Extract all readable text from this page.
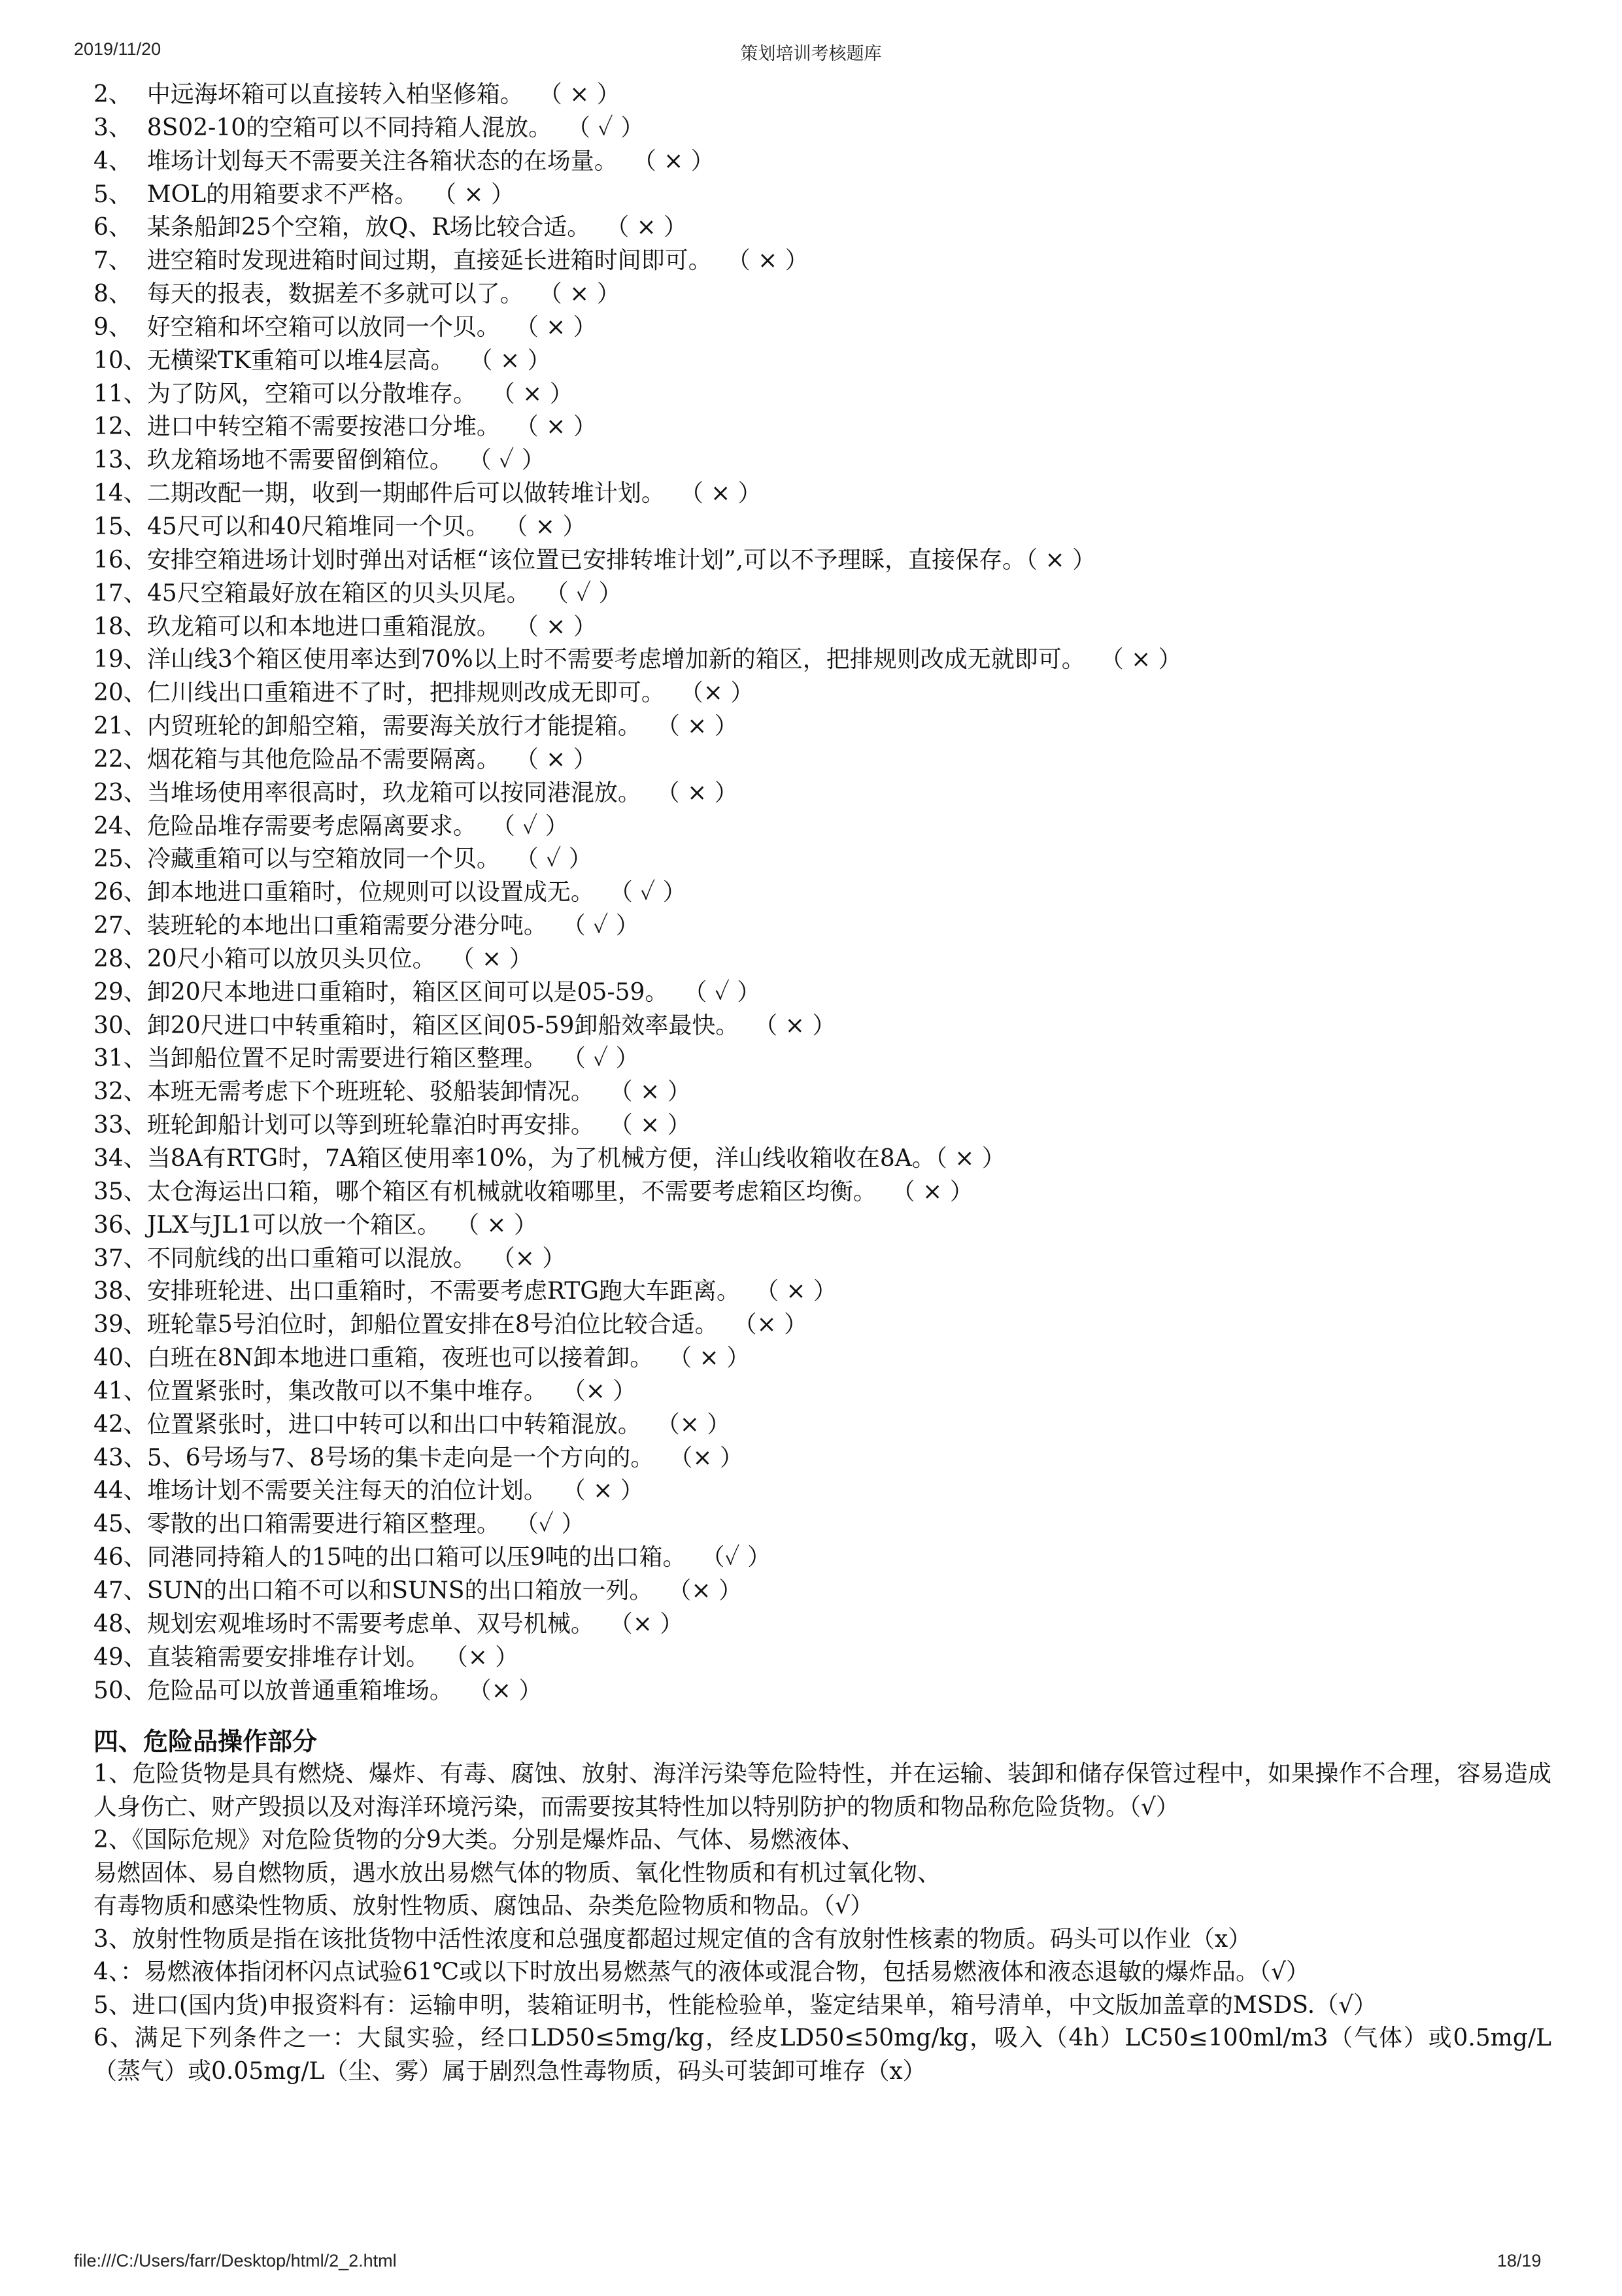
2019/11/20	策划培训考核题库
2、  中远海坏箱可以直接转入柏坚修箱。  （ × ）
3、  8S02-10的空箱可以不同持箱人混放。  （ ✓ ）
4、  堆场计划每天不需要关注各箱状态的在场量。  （ × ）
5、  MOL的用箱要求不严格。  （ × ）
6、  某条船卸25个空箱，放Q、R场比较合适。  （ × ）
7、  进空箱时发现进箱时间过期，直接延长进箱时间即可。  （ × ）
8、  每天的报表，数据差不多就可以了。  （ × ）
9、  好空箱和坏空箱可以放同一个贝。  （ × ）
10、无横梁TK重箱可以堆4层高。  （ × ）
11、为了防风，空箱可以分散堆存。  （ × ）
12、进口中转空箱不需要按港口分堆。  （ × ）
13、玖龙箱场地不需要留倒箱位。  （ ✓ ）
14、二期改配一期，收到一期邮件后可以做转堆计划。  （ × ）
15、45尺可以和40尺箱堆同一个贝。  （ × ）
16、安排空箱进场计划时弹出对话框“该位置已安排转堆计划”,可以不予理睬，直接保存。（ × ）
17、45尺空箱最好放在箱区的贝头贝尾。  （ ✓ ）
18、玖龙箱可以和本地进口重箱混放。  （ × ）
19、洋山线3个箱区使用率达到70%以上时不需要考虑增加新的箱区，把排规则改成无就即可。  （ × ）
20、仁川线出口重箱进不了时，把排规则改成无即可。  （× ）
21、内贸班轮的卸船空箱，需要海关放行才能提箱。  （ × ）
22、烟花箱与其他危险品不需要隔离。  （ × ）
23、当堆场使用率很高时，玖龙箱可以按同港混放。  （ × ）
24、危险品堆存需要考虑隔离要求。  （ ✓ ）
25、冷藏重箱可以与空箱放同一个贝。  （ ✓ ）
26、卸本地进口重箱时，位规则可以设置成无。  （ ✓ ）
27、装班轮的本地出口重箱需要分港分吨。  （ ✓ ）
28、20尺小箱可以放贝头贝位。  （ × ）
29、卸20尺本地进口重箱时，箱区区间可以是05-59。  （ ✓ ）
30、卸20尺进口中转重箱时，箱区区间05-59卸船效率最快。  （ × ）
31、当卸船位置不足时需要进行箱区整理。  （ ✓ ）
32、本班无需考虑下个班班轮、驳船装卸情况。  （ × ）
33、班轮卸船计划可以等到班轮靠泊时再安排。  （ × ）
34、当8A有RTG时，7A箱区使用率10%，为了机械方便，洋山线收箱收在8A。（ × ）
35、太仓海运出口箱，哪个箱区有机械就收箱哪里，不需要考虑箱区均衡。  （ × ）
36、JLX与JL1可以放一个箱区。  （ × ）
37、不同航线的出口重箱可以混放。  （× ）
38、安排班轮进、出口重箱时，不需要考虑RTG跑大车距离。  （ × ）
39、班轮靠5号泊位时，卸船位置安排在8号泊位比较合适。  （× ）
40、白班在8N卸本地进口重箱，夜班也可以接着卸。  （ × ）
41、位置紧张时，集改散可以不集中堆存。  （× ）
42、位置紧张时，进口中转可以和出口中转箱混放。  （× ）
43、5、6号场与7、8号场的集卡走向是一个方向的。  （× ）
44、堆场计划不需要关注每天的泊位计划。  （ × ）
45、零散的出口箱需要进行箱区整理。  （✓ ）
46、同港同持箱人的15吨的出口箱可以压9吨的出口箱。  （✓ ）
47、SUN的出口箱不可以和SUNS的出口箱放一列。  （× ）
48、规划宏观堆场时不需要考虑单、双号机械。  （× ）
49、直装箱需要安排堆存计划。  （× ）
50、危险品可以放普通重箱堆场。  （× ）
四、危险品操作部分
1、危险货物是具有燃烧、爆炸、有毒、腐蚀、放射、海洋污染等危险特性，并在运输、装卸和储存保管过程中，如果操作不合理，容易造成人身伤亡、财产毁损以及对海洋环境污染，而需要按其特性加以特别防护的物质和物品称危险货物。（√）
2、《国际危规》对危险货物的分9大类。分别是爆炸品、气体、易燃液体、
易燃固体、易自燃物质，遇水放出易燃气体的物质、氧化性物质和有机过氧化物、
有毒物质和感染性物质、放射性物质、腐蚀品、杂类危险物质和物品。（√）
3、放射性物质是指在该批货物中活性浓度和总强度都超过规定值的含有放射性核素的物质。码头可以作业（x）
4、：易燃液体指闭杯闪点试验61℃或以下时放出易燃蒸气的液体或混合物，包括易燃液体和液态退敏的爆炸品。（√）
5、进口(国内货)申报资料有：运输申明，装箱证明书，性能检验单，鉴定结果单，箱号清单，中文版加盖章的MSDS.（√）
6、满足下列条件之一：大鼠实验，经口LD50≤5mg/kg，经皮LD50≤50mg/kg，吸入（4h）LC50≤100ml/m3（气体）或0.5mg/L（蒸气）或0.05mg/L（尘、雾）属于剧烈急性毒物质，码头可装卸可堆存（x）
file:///C:/Users/farr/Desktop/html/2_2.html	18/19
